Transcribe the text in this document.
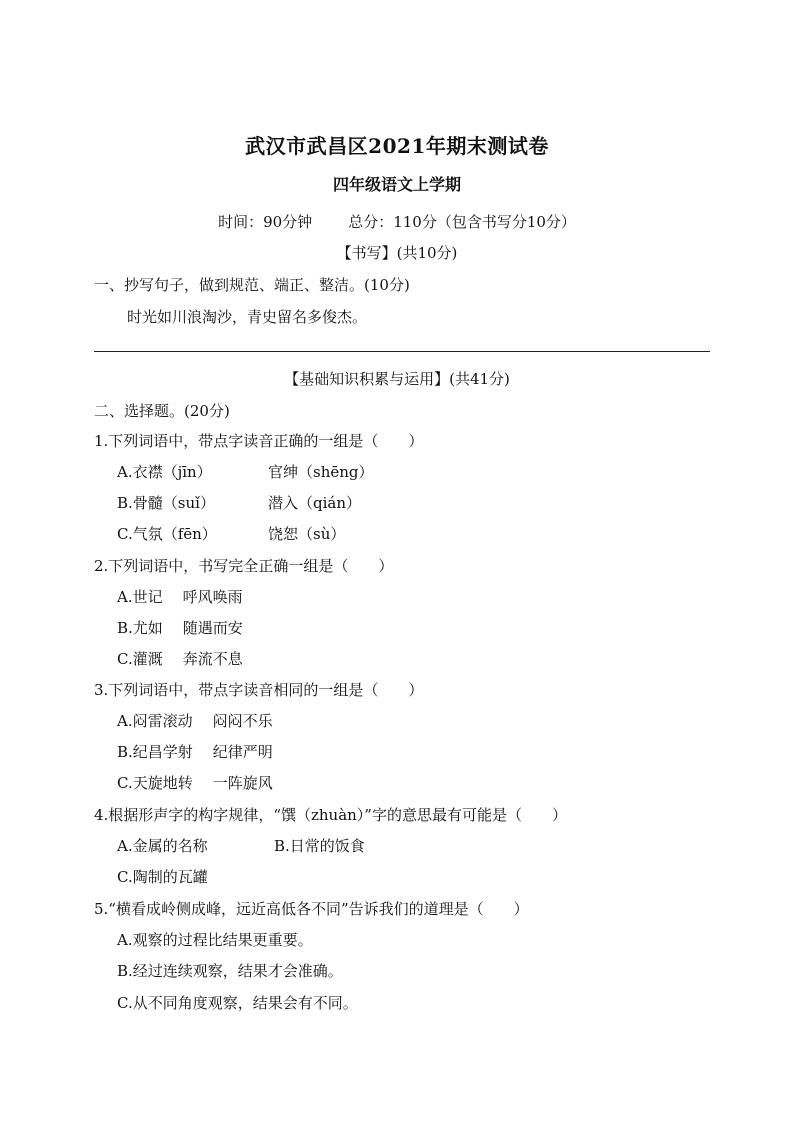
武汉市武昌区2021年期末测试卷
四年级语文上学期
时间：90分钟 总分：110分（包含书写分10分）
【书写】(共10分)
一、抄写句子，做到规范、端正、整洁。(10分)
时光如川浪淘沙，青史留名多俊杰。
【基础知识积累与运用】(共41分)
二、选择题。(20分)
1.下列词语中，带点字读音正确的一组是（　　）
A.衣襟（jīn）	官绅（shēng）
B.骨髓（suǐ）	潜入（qián）
C.气氛（fēn）	饶恕（sù）
2.下列词语中，书写完全正确一组是（　　）
A.世记 呼风唤雨
B.尤如 随遇而安
C.灌溉 奔流不息
3.下列词语中，带点字读音相同的一组是（　　）
A.闷雷滚动 闷闷不乐
B.纪昌学射 纪律严明
C.天旋地转 一阵旋风
4.根据形声字的构字规律，“馔（zhuàn）”字的意思最有可能是（　　）
A.金属的名称	B.日常的饭食
C.陶制的瓦罐
5.“横看成岭侧成峰，远近高低各不同”告诉我们的道理是（　　）
A.观察的过程比结果更重要。
B.经过连续观察，结果才会准确。
C.从不同角度观察，结果会有不同。
